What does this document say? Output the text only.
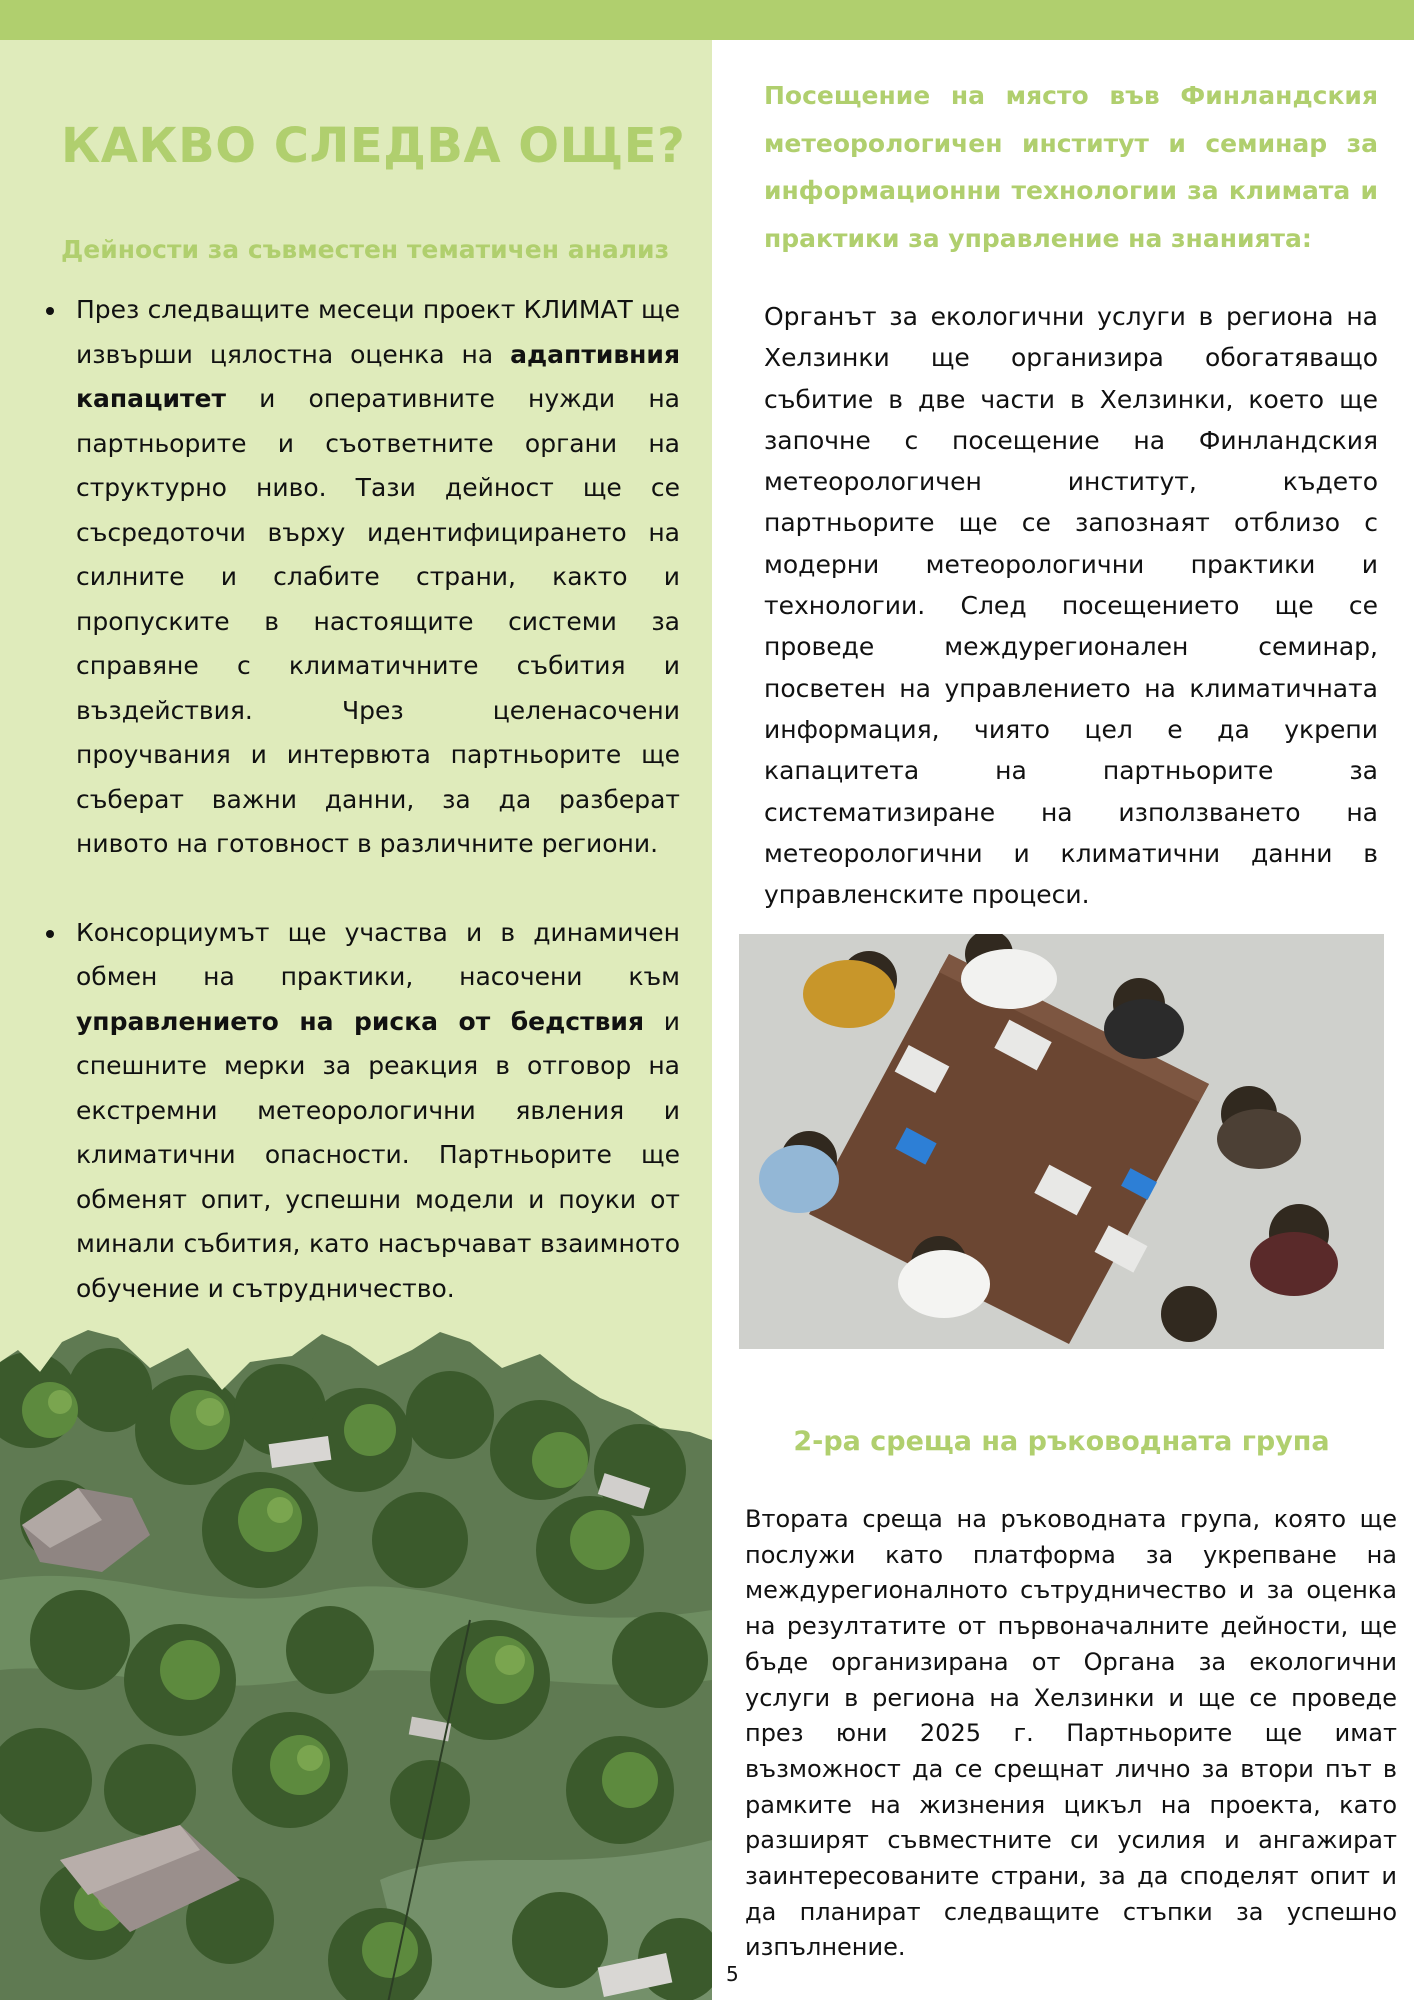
КАКВО СЛЕДВА ОЩЕ?
Дейности за съвместен тематичен анализ
През следващите месеци проект КЛИМАТ ще извърши цялостна оценка на адаптивния капацитет и оперативните нужди на партньорите и съответните органи на структурно ниво. Тази дейност ще се съсредоточи върху идентифицирането на силните и слабите страни, както и пропуските в настоящите системи за справяне с климатичните събития и въздействия. Чрез целенасочени проучвания и интервюта партньорите ще съберат важни данни, за да разберат нивото на готовност в различните региони.
Консорциумът ще участва и в динамичен обмен на практики, насочени към управлението на риска от бедствия и спешните мерки за реакция в отговор на екстремни метеорологични явления и климатични опасности. Партньорите ще обменят опит, успешни модели и поуки от минали събития, като насърчават взаимното обучение и сътрудничество.

Посещение на място във Финландския метеорологичен институт и семинар за информационни технологии за климата и практики за управление на знанията:

Органът за екологични услуги в региона на Хелзинки ще организира обогатяващо събитие в две части в Хелзинки, което ще започне с посещение на Финландския метеорологичен институт, където партньорите ще се запознаят отблизо с модерни метеорологични практики и технологии. След посещението ще се проведе междурегионален семинар, посветен на управлението на климатичната информация, чиято цел е да укрепи капацитета на партньорите за систематизиране на използването на метеорологични и климатични данни в управленските процеси.

2-ра среща на ръководната група

Втората среща на ръководната група, която ще послужи като платформа за укрепване на междурегионалното сътрудничество и за оценка на резултатите от първоначалните дейности, ще бъде организирана от Органа за екологични услуги в региона на Хелзинки и ще се проведе през юни 2025 г. Партньорите ще имат възможност да се срещнат лично за втори път в рамките на жизнения цикъл на проекта, като разширят съвместните си усилия и ангажират заинтересованите страни, за да споделят опит и да планират следващите стъпки за успешно изпълнение.

5
